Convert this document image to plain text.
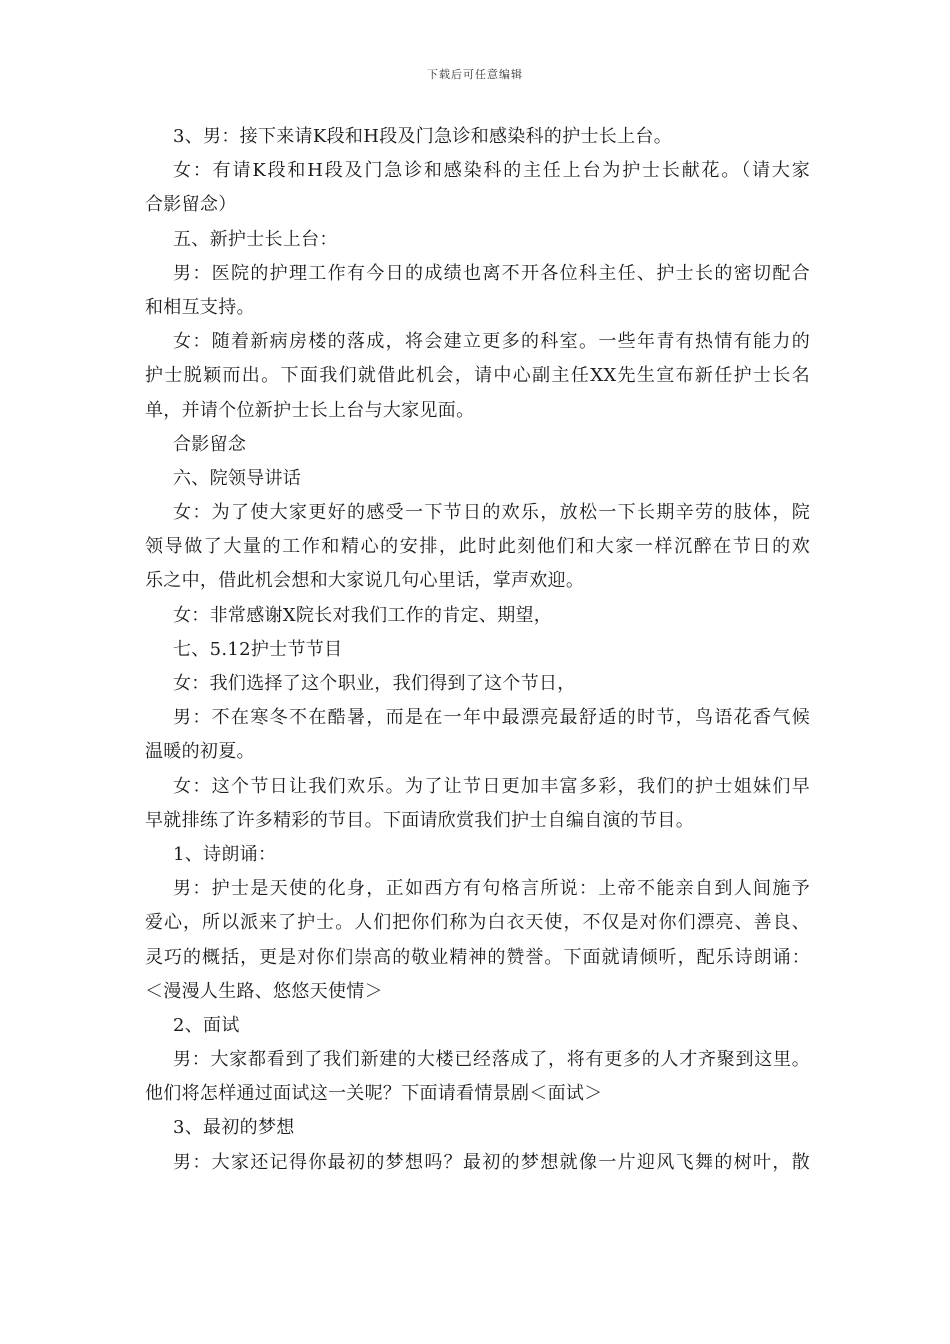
下载后可任意编辑
3、男：接下来请K段和H段及门急诊和感染科的护士长上台。
女：有请K段和H段及门急诊和感染科的主任上台为护士长献花。（请大家
合影留念）
五、新护士长上台：
男：医院的护理工作有今日的成绩也离不开各位科主任、护士长的密切配合
和相互支持。
女：随着新病房楼的落成，将会建立更多的科室。一些年青有热情有能力的
护士脱颖而出。下面我们就借此机会，请中心副主任XX先生宣布新任护士长名
单，并请个位新护士长上台与大家见面。
合影留念
六、院领导讲话
女：为了使大家更好的感受一下节日的欢乐，放松一下长期辛劳的肢体，院
领导做了大量的工作和精心的安排，此时此刻他们和大家一样沉醉在节日的欢
乐之中，借此机会想和大家说几句心里话，掌声欢迎。
女：非常感谢X院长对我们工作的肯定、期望，
七、5.12护士节节目
女：我们选择了这个职业，我们得到了这个节日，
男：不在寒冬不在酷暑，而是在一年中最漂亮最舒适的时节，鸟语花香气候
温暖的初夏。
女：这个节日让我们欢乐。为了让节日更加丰富多彩，我们的护士姐妹们早
早就排练了许多精彩的节目。下面请欣赏我们护士自编自演的节目。
1、诗朗诵：
男：护士是天使的化身，正如西方有句格言所说：上帝不能亲自到人间施予
爱心，所以派来了护士。人们把你们称为白衣天使，不仅是对你们漂亮、善良、
灵巧的概括，更是对你们崇高的敬业精神的赞誉。下面就请倾听，配乐诗朗诵：
＜漫漫人生路、悠悠天使情＞
2、面试
男：大家都看到了我们新建的大楼已经落成了，将有更多的人才齐聚到这里。
他们将怎样通过面试这一关呢？下面请看情景剧＜面试＞
3、最初的梦想
男：大家还记得你最初的梦想吗？最初的梦想就像一片迎风飞舞的树叶，散
